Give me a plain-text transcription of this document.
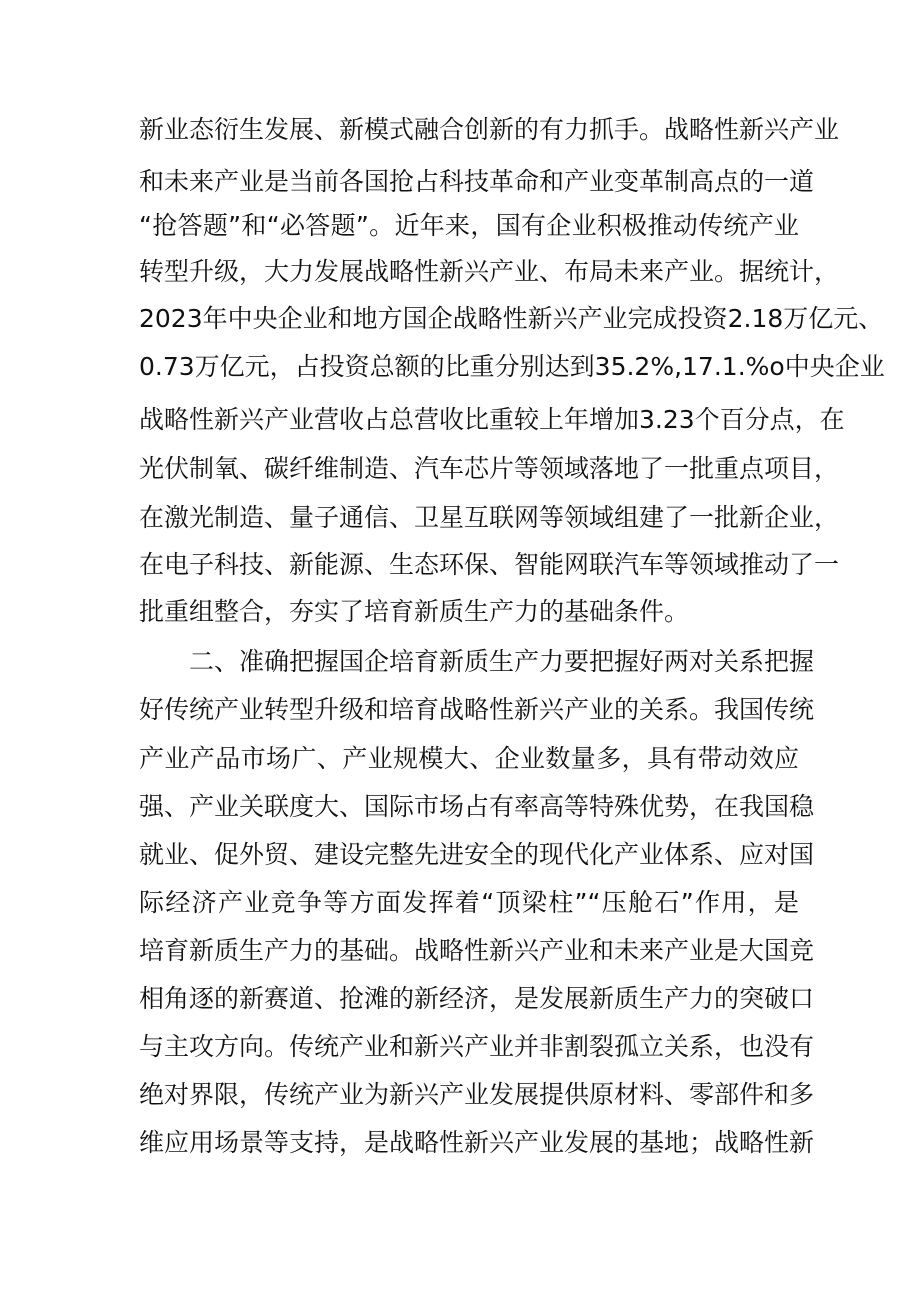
新业态衍生发展、新模式融合创新的有力抓手。战略性新兴产业
和未来产业是当前各国抢占科技革命和产业变革制高点的一道
“抢答题”和“必答题”。近年来，国有企业积极推动传统产业
转型升级，大力发展战略性新兴产业、布局未来产业。据统计，
2023年中央企业和地方国企战略性新兴产业完成投资2.18万亿元、
0.73万亿元，占投资总额的比重分别达到35.2%,17.1.%o中央企业
战略性新兴产业营收占总营收比重较上年增加3.23个百分点，在
光伏制氧、碳纤维制造、汽车芯片等领域落地了一批重点项目，
在激光制造、量子通信、卫星互联网等领域组建了一批新企业，
在电子科技、新能源、生态环保、智能网联汽车等领域推动了一
批重组整合，夯实了培育新质生产力的基础条件。
二、准确把握国企培育新质生产力要把握好两对关系把握
好传统产业转型升级和培育战略性新兴产业的关系。我国传统
产业产品市场广、产业规模大、企业数量多，具有带动效应
强、产业关联度大、国际市场占有率高等特殊优势，在我国稳
就业、促外贸、建设完整先进安全的现代化产业体系、应对国
际经济产业竞争等方面发挥着“顶梁柱”“压舱石”作用，是
培育新质生产力的基础。战略性新兴产业和未来产业是大国竞
相角逐的新赛道、抢滩的新经济，是发展新质生产力的突破口
与主攻方向。传统产业和新兴产业并非割裂孤立关系，也没有
绝对界限，传统产业为新兴产业发展提供原材料、零部件和多
维应用场景等支持，是战略性新兴产业发展的基地；战略性新
